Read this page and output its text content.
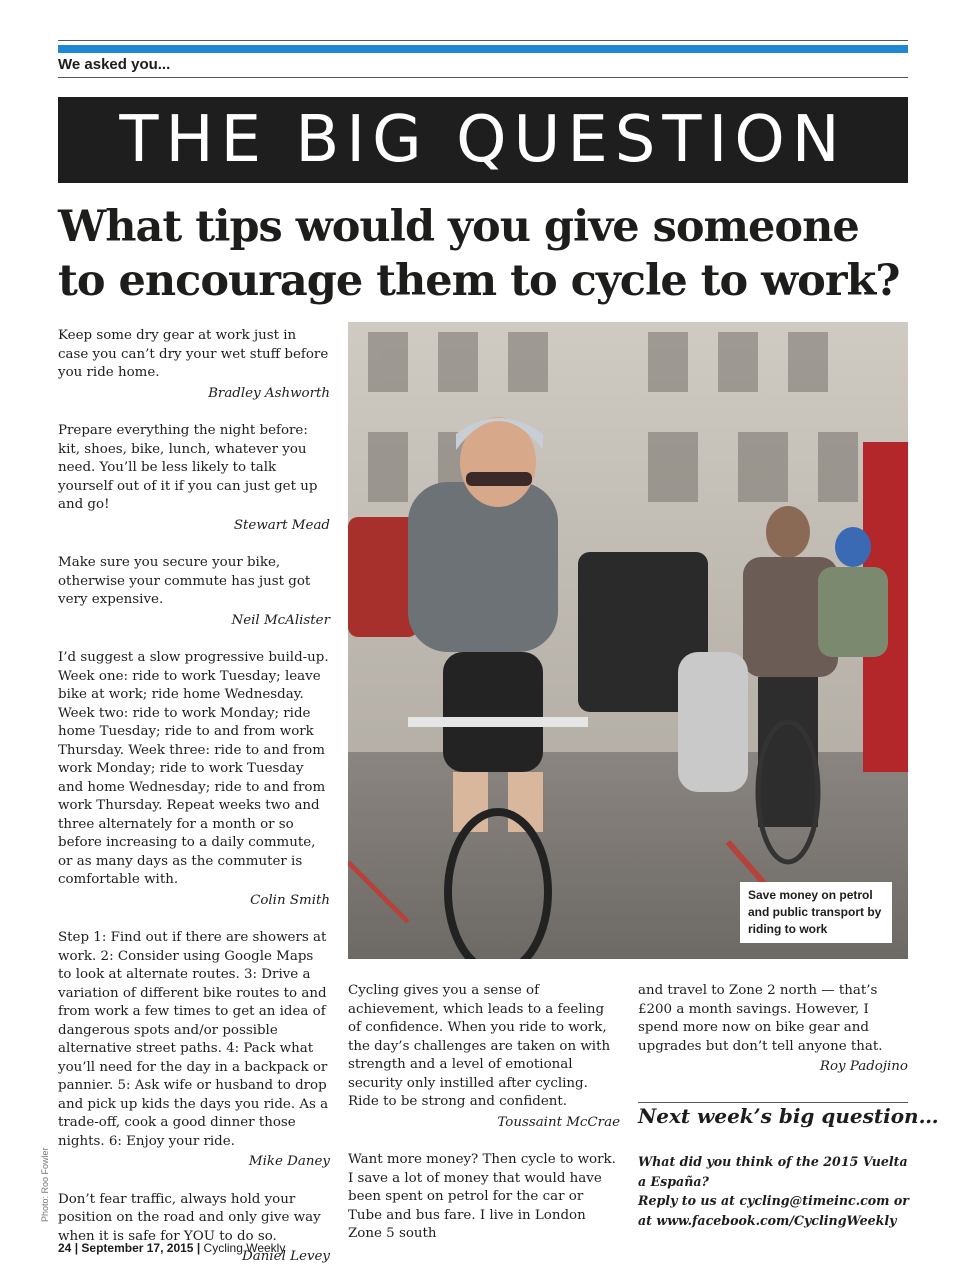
We asked you...
THE BIG QUESTION
What tips would you give someone to encourage them to cycle to work?

Keep some dry gear at work just in case you can’t dry your wet stuff before you ride home.

Bradley Ashworth

Prepare everything the night before: kit, shoes, bike, lunch, whatever you need. You’ll be less likely to talk yourself out of it if you can just get up and go!

Stewart Mead

Make sure you secure your bike, otherwise your commute has just got very expensive.

Neil McAlister

I’d suggest a slow progressive build-up. Week one: ride to work Tuesday; leave bike at work; ride home Wednesday. Week two: ride to work Monday; ride home Tuesday; ride to and from work Thursday. Week three: ride to and from work Monday; ride to work Tuesday and home Wednesday; ride to and from work Thursday. Repeat weeks two and three alternately for a month or so before increasing to a daily commute, or as many days as the commuter is comfortable with.

Colin Smith

Step 1: Find out if there are showers at work. 2: Consider using Google Maps to look at alternate routes. 3: Drive a variation of different bike routes to and from work a few times to get an idea of dangerous spots and/or possible alternative street paths. 4: Pack what you’ll need for the day in a backpack or pannier. 5: Ask wife or husband to drop and pick up kids the days you ride. As a trade-off, cook a good dinner those nights. 6: Enjoy your ride.

Mike Daney

Don’t fear traffic, always hold your position on the road and only give way when it is safe for YOU to do so.

Daniel Levey

Save money on petrol and public transport by riding to work

Cycling gives you a sense of achievement, which leads to a feeling of confidence. When you ride to work, the day’s challenges are taken on with strength and a level of emotional security only instilled after cycling. Ride to be strong and confident.

Toussaint McCrae

Want more money? Then cycle to work. I save a lot of money that would have been spent on petrol for the car or Tube and bus fare. I live in London Zone 5 south

and travel to Zone 2 north — that’s £200 a month savings. However, I spend more now on bike gear and upgrades but don’t tell anyone that.

Roy Padojino

Next week’s big question…

What did you think of the 2015 Vuelta a España?

Reply to us at cycling@timeinc.com or at www.facebook.com/CyclingWeekly

Photo: Roo Fowler
24 | September 17, 2015 | Cycling Weekly
